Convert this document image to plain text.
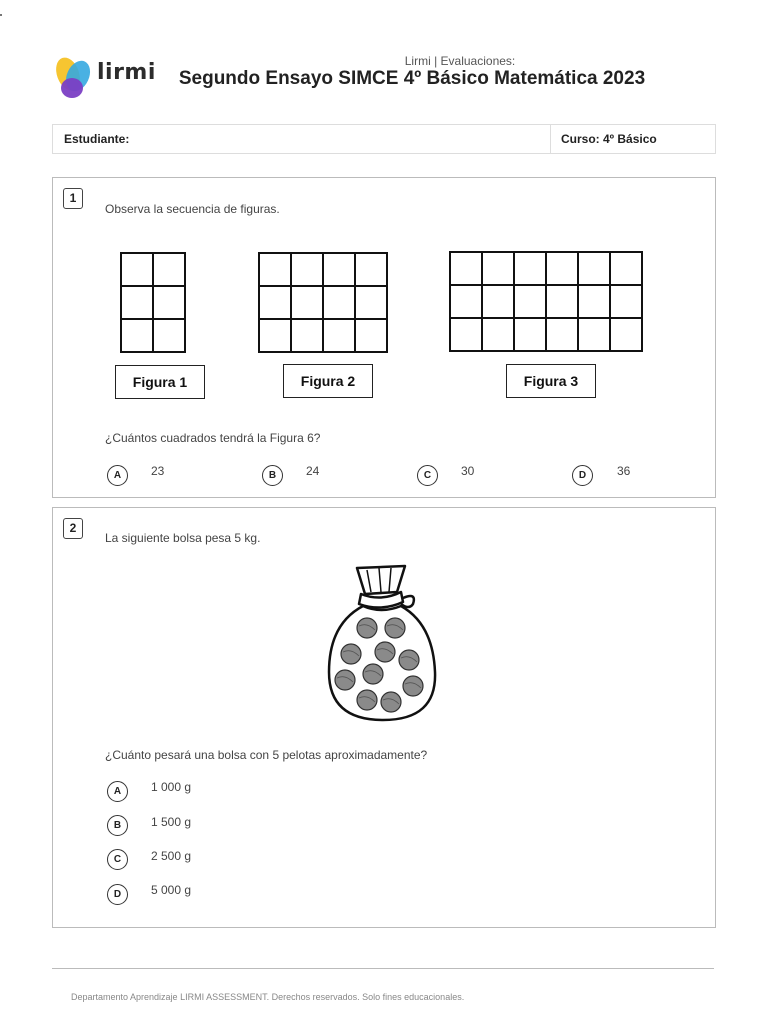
lirmi	Lirmi | Evaluaciones:
Segundo Ensayo SIMCE 4º Básico Matemática 2023
Estudiante:	Curso: 4º Básico
1
Observa la secuencia de figuras.
Figura 1	Figura 2	Figura 3
¿Cuántos cuadrados tendrá la Figura 6?
A	23	B	24	C	30	D	36
2
La siguiente bolsa pesa 5 kg.
¿Cuánto pesará una bolsa con 5 pelotas aproximadamente?
A	1 000 g
B	1 500 g
C	2 500 g
D	5 000 g
Departamento Aprendizaje LIRMI ASSESSMENT. Derechos reservados. Solo fines educacionales.
